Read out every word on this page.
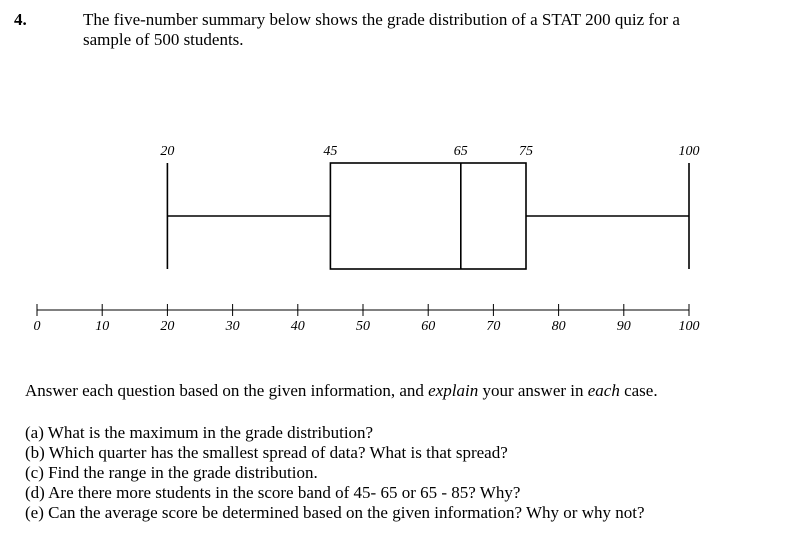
4.	The five-number summary below shows the grade distribution of a STAT 200 quiz for a sample of 500 students.
20	45	65	75	100
0	10	20	30	40	50	60	70	80	90	100
Answer each question based on the given information, and explain your answer in each case.
(a) What is the maximum in the grade distribution?
(b) Which quarter has the smallest spread of data? What is that spread?
(c) Find the range in the grade distribution.
(d) Are there more students in the score band of 45- 65 or 65 - 85? Why?
(e) Can the average score be determined based on the given information? Why or why not?
